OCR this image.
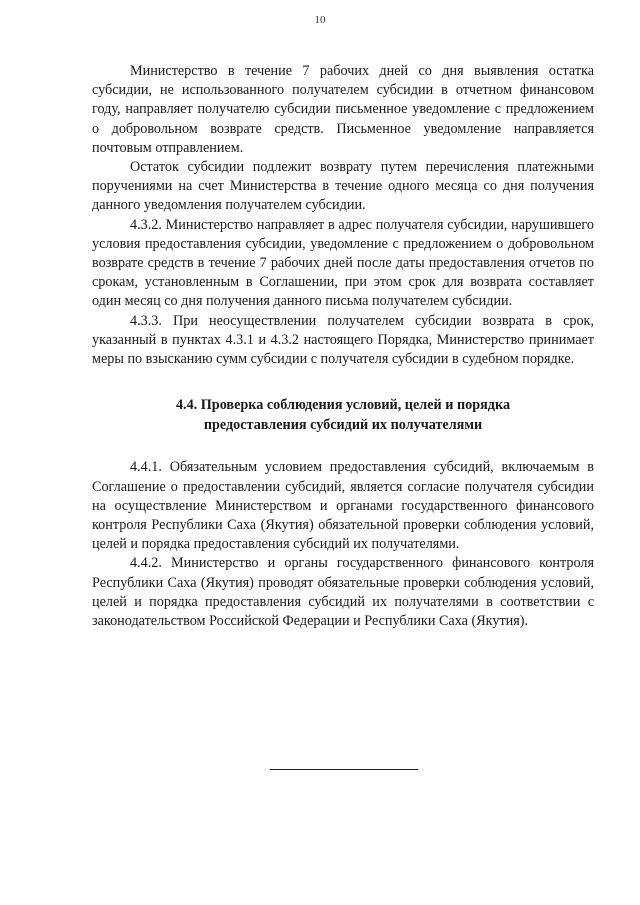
10

Министерство в течение 7 рабочих дней со дня выявления остатка субсидии, не использованного получателем субсидии в отчетном финансовом году, направляет получателю субсидии письменное уведомление с предложением о добровольном возврате средств. Письменное уведомление направляется почтовым отправлением.

Остаток субсидии подлежит возврату путем перечисления платежными поручениями на счет Министерства в течение одного месяца со дня получения данного уведомления получателем субсидии.

4.3.2. Министерство направляет в адрес получателя субсидии, нарушившего условия предоставления субсидии, уведомление с предложением о добровольном возврате средств в течение 7 рабочих дней после даты предоставления отчетов по срокам, установленным в Соглашении, при этом срок для возврата составляет один месяц со дня получения данного письма получателем субсидии.

4.3.3. При неосуществлении получателем субсидии возврата в срок, указанный в пунктах 4.3.1 и 4.3.2 настоящего Порядка, Министерство принимает меры по взысканию сумм субсидии с получателя субсидии в судебном порядке.

4.4. Проверка соблюдения условий, целей и порядка
предоставления субсидий их получателями

4.4.1. Обязательным условием предоставления субсидий, включаемым в Соглашение о предоставлении субсидий, является согласие получателя субсидии на осуществление Министерством и органами государственного финансового контроля Республики Саха (Якутия) обязательной проверки соблюдения условий, целей и порядка предоставления субсидий их получателями.

4.4.2. Министерство и органы государственного финансового контроля Республики Саха (Якутия) проводят обязательные проверки соблюдения условий, целей и порядка предоставления субсидий их получателями в соответствии с законодательством Российской Федерации и Республики Саха (Якутия).
